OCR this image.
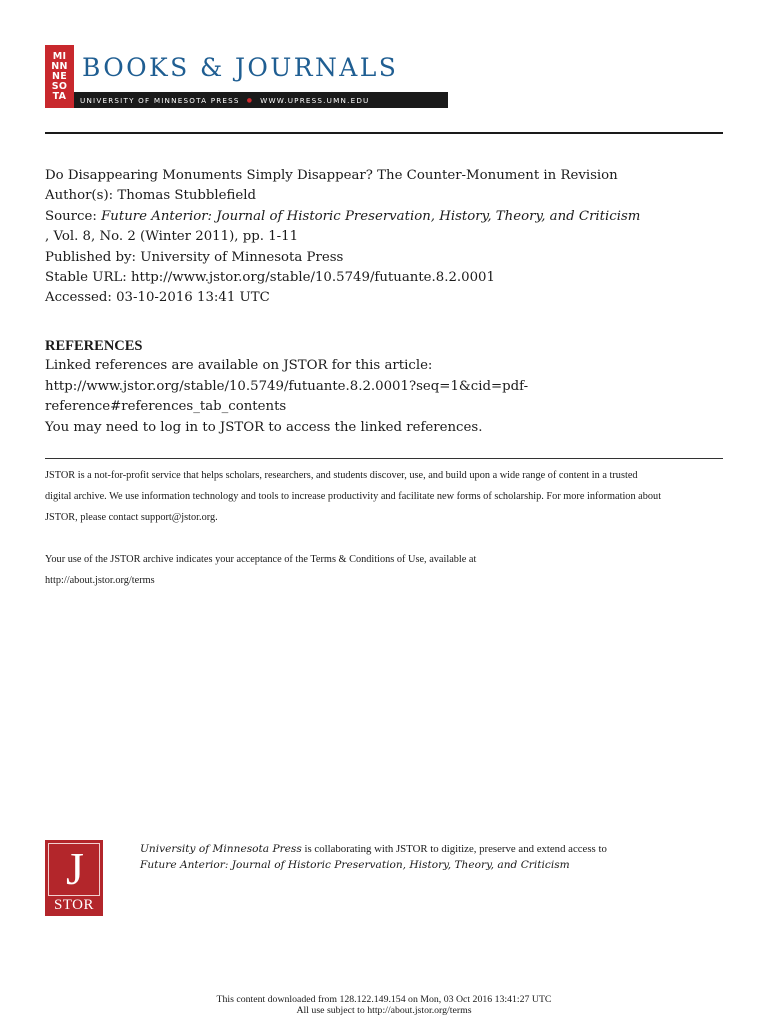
MI
NN
NE
SO
TA
BOOKS & JOURNALS
UNIVERSITY OF MINNESOTA PRESS ● WWW.UPRESS.UMN.EDU
Do Disappearing Monuments Simply Disappear? The Counter-Monument in Revision
Author(s): Thomas Stubblefield
Source: Future Anterior: Journal of Historic Preservation, History, Theory, and Criticism
, Vol. 8, No. 2 (Winter 2011), pp. 1-11
Published by: University of Minnesota Press
Stable URL: http://www.jstor.org/stable/10.5749/futuante.8.2.0001
Accessed: 03-10-2016 13:41 UTC
REFERENCES
Linked references are available on JSTOR for this article:
http://www.jstor.org/stable/10.5749/futuante.8.2.0001?seq=1&cid=pdf-
reference#references_tab_contents
You may need to log in to JSTOR to access the linked references.

JSTOR is a not-for-profit service that helps scholars, researchers, and students discover, use, and build upon a wide range of content in a trusted

digital archive. We use information technology and tools to increase productivity and facilitate new forms of scholarship. For more information about

JSTOR, please contact support@jstor.org.

Your use of the JSTOR archive indicates your acceptance of the Terms & Conditions of Use, available at

http://about.jstor.org/terms

J
STOR
University of Minnesota Press is collaborating with JSTOR to digitize, preserve and extend access to
Future Anterior: Journal of Historic Preservation, History, Theory, and Criticism
This content downloaded from 128.122.149.154 on Mon, 03 Oct 2016 13:41:27 UTC
All use subject to http://about.jstor.org/terms
